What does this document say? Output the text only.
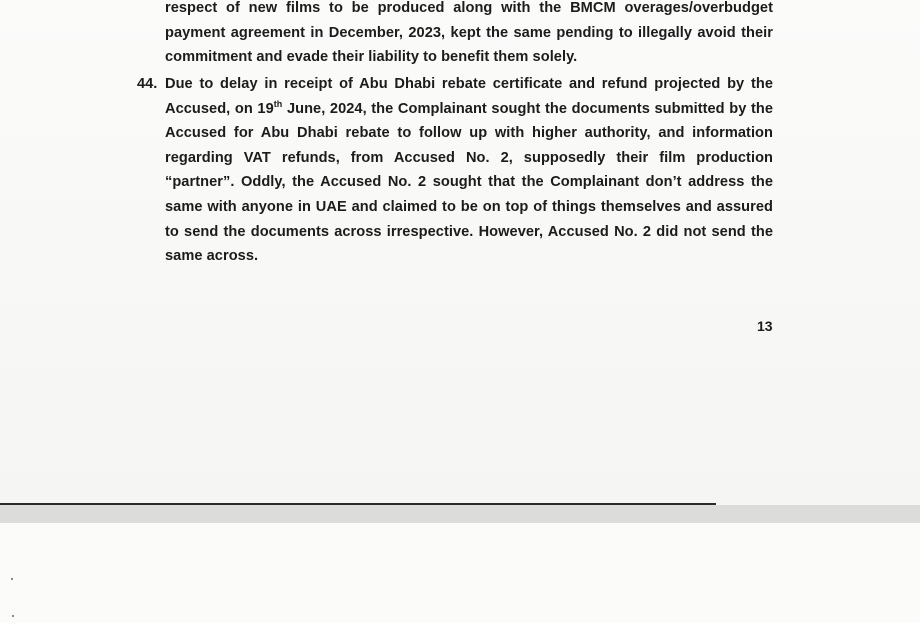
respect of new films to be produced along with the BMCM overages/overbudget
payment agreement in December, 2023, kept the same pending to illegally avoid their
commitment and evade their liability to benefit them solely.

44. Due to delay in receipt of Abu Dhabi rebate certificate and refund projected by the
Accused, on 19th June, 2024, the Complainant sought the documents submitted by the
Accused for Abu Dhabi rebate to follow up with higher authority, and information
regarding VAT refunds, from Accused No. 2, supposedly their film production
“partner”. Oddly, the Accused No. 2 sought that the Complainant don’t address the
same with anyone in UAE and claimed to be on top of things themselves and assured
to send the documents across irrespective. However, Accused No. 2 did not send the
same across.

13
